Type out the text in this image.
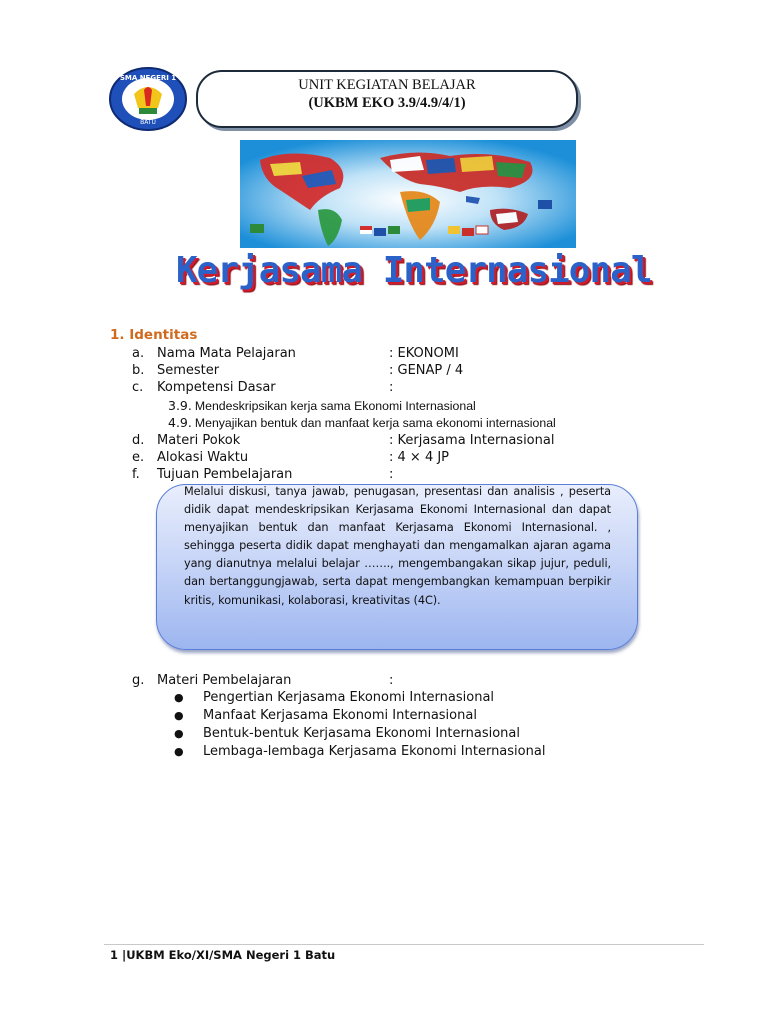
SMA NEGERI 1
BATU
UNIT KEGIATAN BELAJAR
(UKBM EKO 3.9/4.9/4/1)
Kerjasama Internasional
1. Identitas
a. Nama Mata Pelajaran	: EKONOMI
b. Semester	: GENAP / 4
c. Kompetensi Dasar	:
3.9. Mendeskripsikan kerja sama Ekonomi Internasional
4.9. Menyajikan bentuk dan manfaat kerja sama ekonomi internasional
d. Materi Pokok	: Kerjasama Internasional
e. Alokasi Waktu	: 4 × 4 JP
f. Tujuan Pembelajaran	:
Melalui diskusi, tanya jawab, penugasan, presentasi dan analisis , peserta didik dapat mendeskripsikan Kerjasama Ekonomi Internasional dan dapat menyajikan bentuk dan manfaat Kerjasama Ekonomi Internasional. , sehingga peserta didik dapat menghayati dan mengamalkan ajaran agama yang dianutnya melalui belajar ……., mengembangakan sikap jujur, peduli, dan bertanggungjawab, serta dapat mengembangkan kemampuan berpikir kritis, komunikasi, kolaborasi, kreativitas (4C).
g. Materi Pembelajaran	:
● Pengertian Kerjasama Ekonomi Internasional
● Manfaat Kerjasama Ekonomi Internasional
● Bentuk-bentuk Kerjasama Ekonomi Internasional
● Lembaga-lembaga Kerjasama Ekonomi Internasional
1 |UKBM Eko/XI/SMA Negeri 1 Batu
